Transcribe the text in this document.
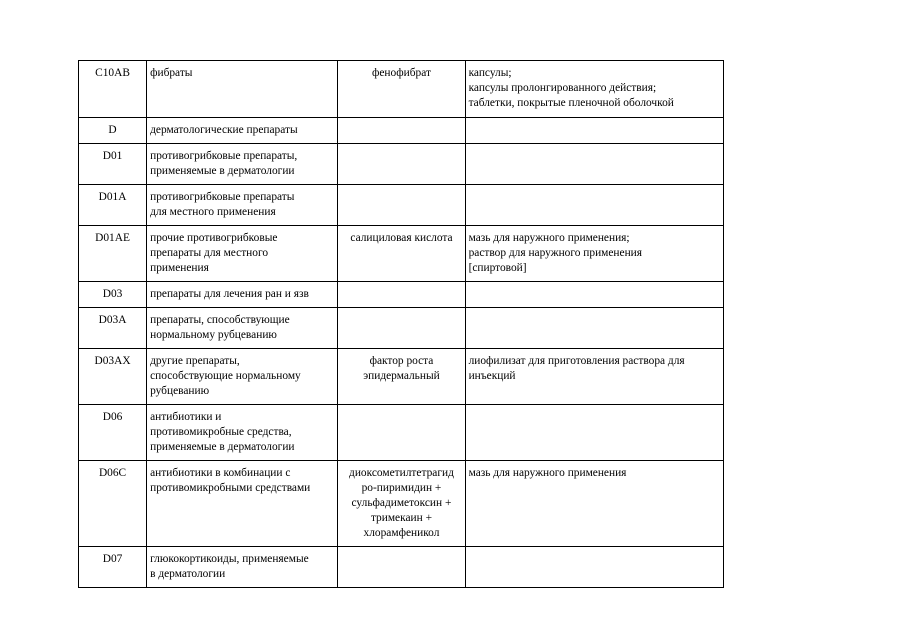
C10AB	фибраты	фенофибрат	капсулы;
капсулы пролонгированного действия;
таблетки, покрытые пленочной оболочкой

D	дерматологические препараты		

D01	противогрибковые препараты,
применяемые в дерматологии		

D01A	противогрибковые препараты
для местного применения		

D01AE	прочие противогрибковые
препараты для местного
применения	салициловая кислота	мазь для наружного применения;
раствор для наружного применения
[спиртовой]

D03	препараты для лечения ран и язв		

D03A	препараты, способствующие
нормальному рубцеванию		

D03AX	другие препараты,
способствующие нормальному
рубцеванию	фактор роста
эпидермальный	лиофилизат для приготовления раствора для
инъекций

D06	антибиотики и
противомикробные средства,
применяемые в дерматологии		

D06C	антибиотики в комбинации с
противомикробными средствами	диоксометилтетрагид
ро-пиримидин +
сульфадиметоксин +
тримекаин +
хлорамфеникол	мазь для наружного применения

D07	глюкокортикоиды, применяемые
в дерматологии		
